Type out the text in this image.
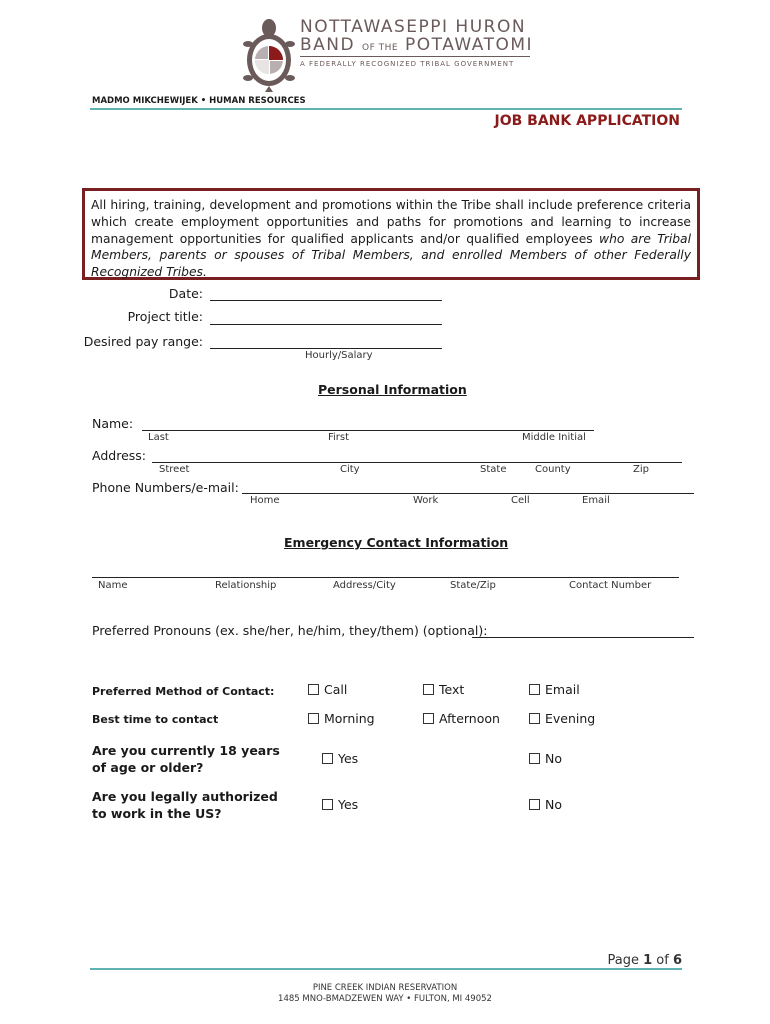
NOTTAWASEPPI HURON
BAND OF THE POTAWATOMI
A FEDERALLY RECOGNIZED TRIBAL GOVERNMENT
MADMO MIKCHEWIJEK • HUMAN RESOURCES
JOB BANK APPLICATION
All hiring, training, development and promotions within the Tribe shall include preference criteria which create employment opportunities and paths for promotions and learning to increase management opportunities for qualified applicants and/or qualified employees who are Tribal Members, parents or spouses of Tribal Members, and enrolled Members of other Federally Recognized Tribes.
Date:
Project title:
Desired pay range:
Hourly/Salary
Personal Information
Name:
Last	First	Middle Initial
Address:
Street	City	State	County	Zip
Phone Numbers/e-mail:
Home	Work	Cell	Email
Emergency Contact Information
Name	Relationship	Address/City	State/Zip	Contact Number
Preferred Pronouns (ex. she/her, he/him, they/them) (optional):
Preferred Method of Contact:	Call	Text	Email
Best time to contact	Morning	Afternoon	Evening
Are you currently 18 years
of age or older?
Yes	No
Are you legally authorized
to work in the US?
Yes	No
Page 1 of 6
PINE CREEK INDIAN RESERVATION
1485 MNO-BMADZEWEN WAY • FULTON, MI 49052
